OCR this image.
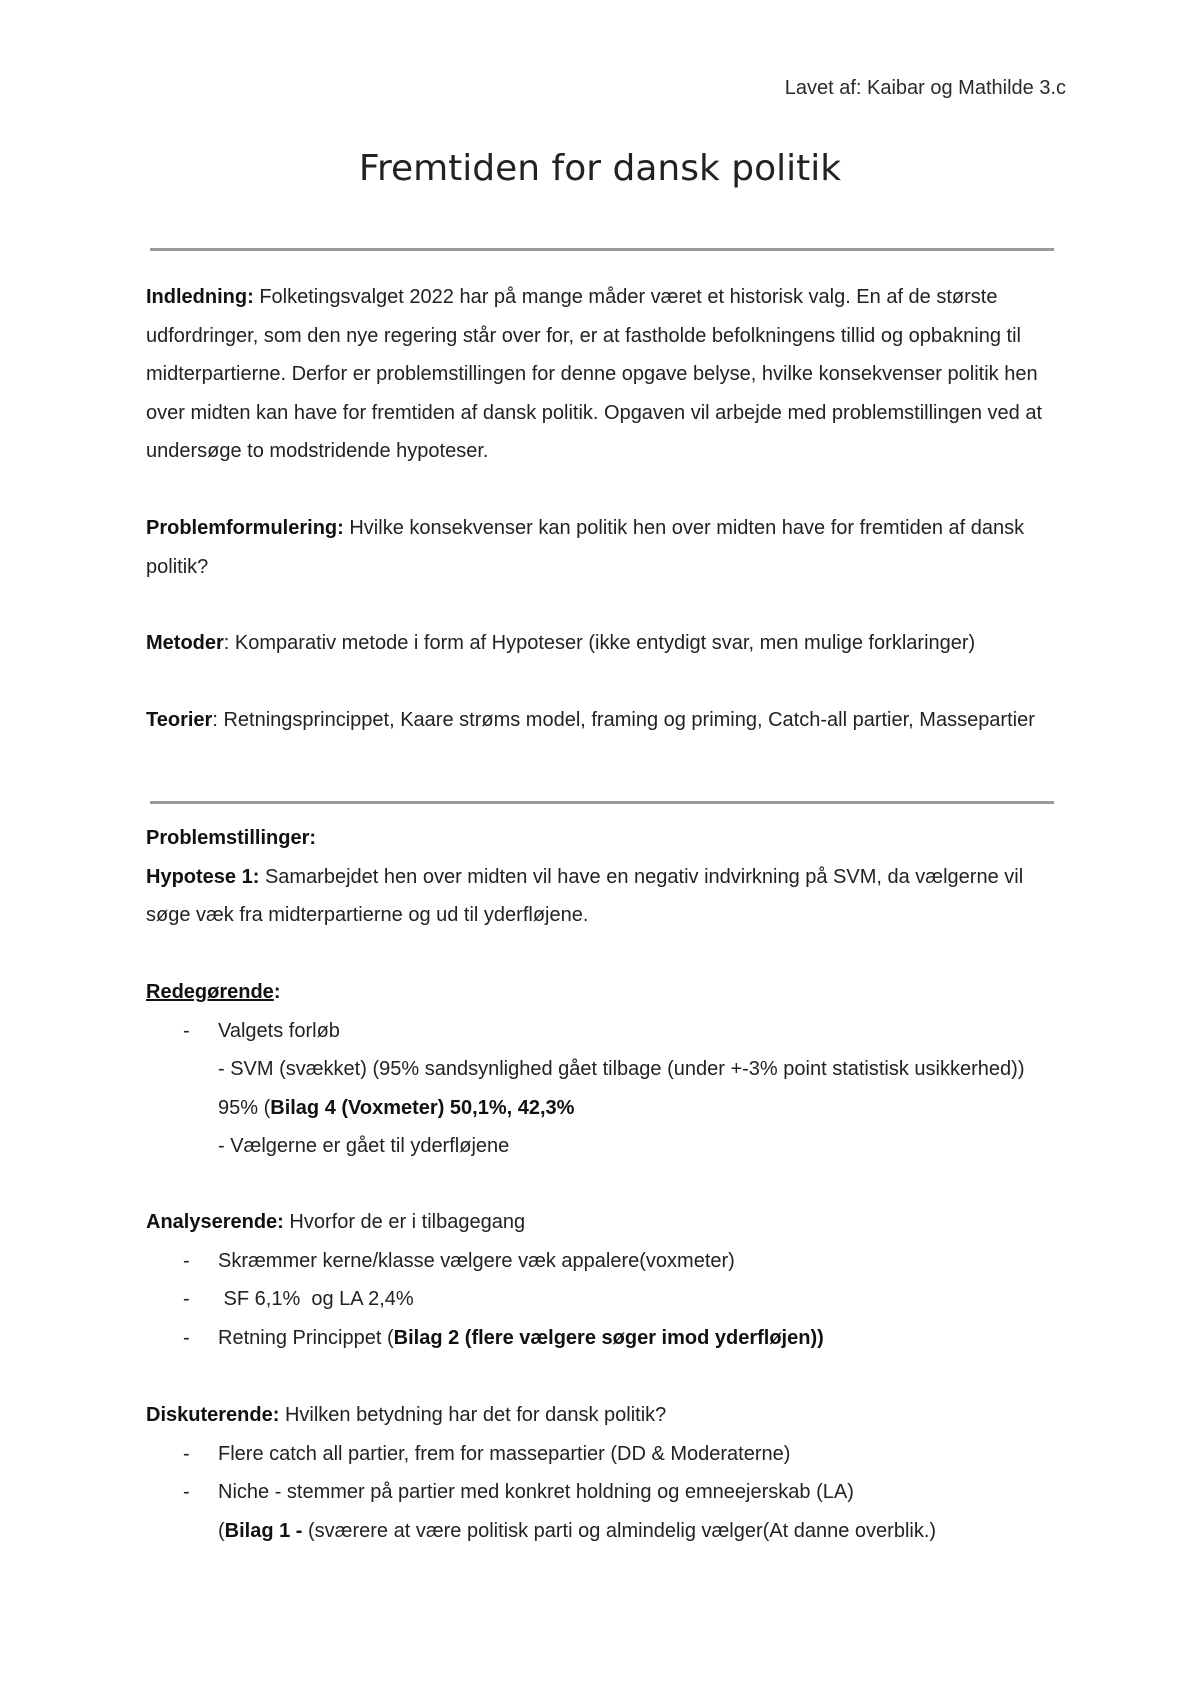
Lavet af: Kaibar og Mathilde 3.c
Fremtiden for dansk politik
Indledning: Folketingsvalget 2022 har på mange måder været et historisk valg. En af de største udfordringer, som den nye regering står over for, er at fastholde befolkningens tillid og opbakning til midterpartierne. Derfor er problemstillingen for denne opgave belyse, hvilke konsekvenser politik hen over midten kan have for fremtiden af dansk politik. Opgaven vil arbejde med problemstillingen ved at undersøge to modstridende hypoteser.
Problemformulering: Hvilke konsekvenser kan politik hen over midten have for fremtiden af dansk politik?
Metoder: Komparativ metode i form af Hypoteser (ikke entydigt svar, men mulige forklaringer)
Teorier: Retningsprincippet, Kaare strøms model, framing og priming, Catch-all partier, Massepartier
Problemstillinger:
Hypotese 1: Samarbejdet hen over midten vil have en negativ indvirkning på SVM, da vælgerne vil søge væk fra midterpartierne og ud til yderfløjene.
Redegørende:
- Valgets forløb
- SVM (svækket) (95% sandsynlighed gået tilbage (under +-3% point statistisk usikkerhed)) 95% (Bilag 4 (Voxmeter) 50,1%, 42,3%
- Vælgerne er gået til yderfløjene
Analyserende: Hvorfor de er i tilbagegang
- Skræmmer kerne/klasse vælgere væk appalere(voxmeter)
- SF 6,1%  og LA 2,4%
- Retning Princippet (Bilag 2 (flere vælgere søger imod yderfløjen))
Diskuterende: Hvilken betydning har det for dansk politik?
- Flere catch all partier, frem for massepartier (DD & Moderaterne)
- Niche - stemmer på partier med konkret holdning og emneejerskab (LA)
(Bilag 1 - (sværere at være politisk parti og almindelig vælger(At danne overblik.)
